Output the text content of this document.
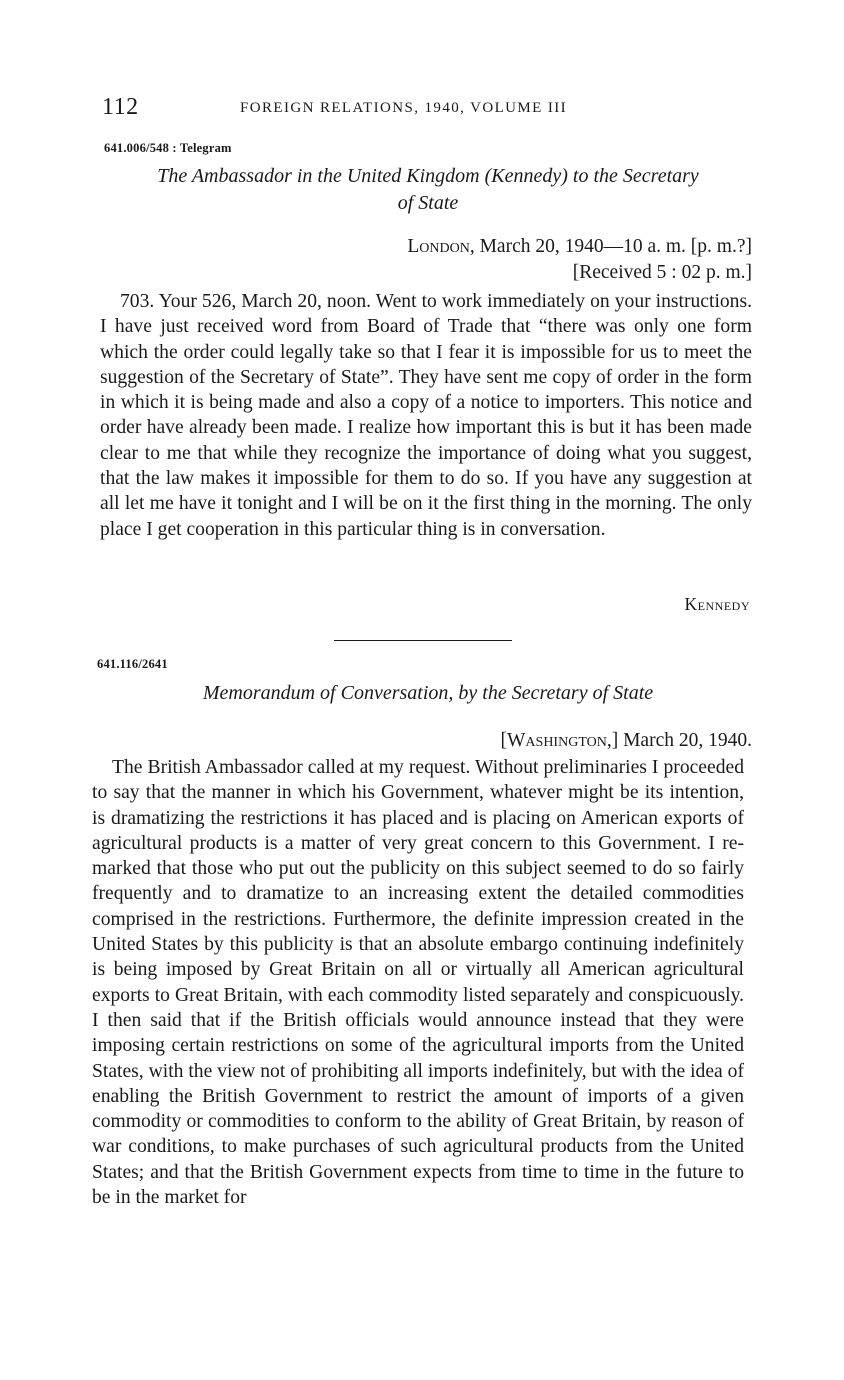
112	FOREIGN RELATIONS, 1940, VOLUME III
641.006/548 : Telegram
The Ambassador in the United Kingdom (Kennedy) to the Secretary
of State
London, March 20, 1940—10 a. m. [p. m.?]
[Received 5 : 02 p. m.]
703. Your 526, March 20, noon. Went to work immediately on your instructions. I have just received word from Board of Trade that “there was only one form which the order could legally take so that I fear it is impossible for us to meet the suggestion of the Secretary of State”. They have sent me copy of order in the form in which it is being made and also a copy of a notice to importers. This notice and order have already been made. I realize how important this is but it has been made clear to me that while they recognize the importance of doing what you suggest, that the law makes it impossible for them to do so. If you have any suggestion at all let me have it tonight and I will be on it the first thing in the morning. The only place I get cooperation in this particular thing is in conversation.
Kennedy
641.116/2641
Memorandum of Conversation, by the Secretary of State
[Washington,] March 20, 1940.
The British Ambassador called at my request. Without preliminaries I proceeded to say that the manner in which his Government, whatever might be its intention, is dramatizing the restrictions it has placed and is placing on American exports of agricultural products is a matter of very great concern to this Government. I remarked that those who put out the publicity on this subject seemed to do so fairly frequently and to dramatize to an increasing extent the detailed commodities comprised in the restrictions. Furthermore, the definite impression created in the United States by this publicity is that an absolute embargo continuing indefinitely is being imposed by Great Britain on all or virtually all American agricultural exports to Great Britain, with each commodity listed separately and conspicuously. I then said that if the British officials would announce instead that they were imposing certain restrictions on some of the agricultural imports from the United States, with the view not of prohibiting all imports indefinitely, but with the idea of enabling the British Government to restrict the amount of imports of a given commodity or commodities to conform to the ability of Great Britain, by reason of war conditions, to make purchases of such agricultural products from the United States; and that the British Government expects from time to time in the future to be in the market for
